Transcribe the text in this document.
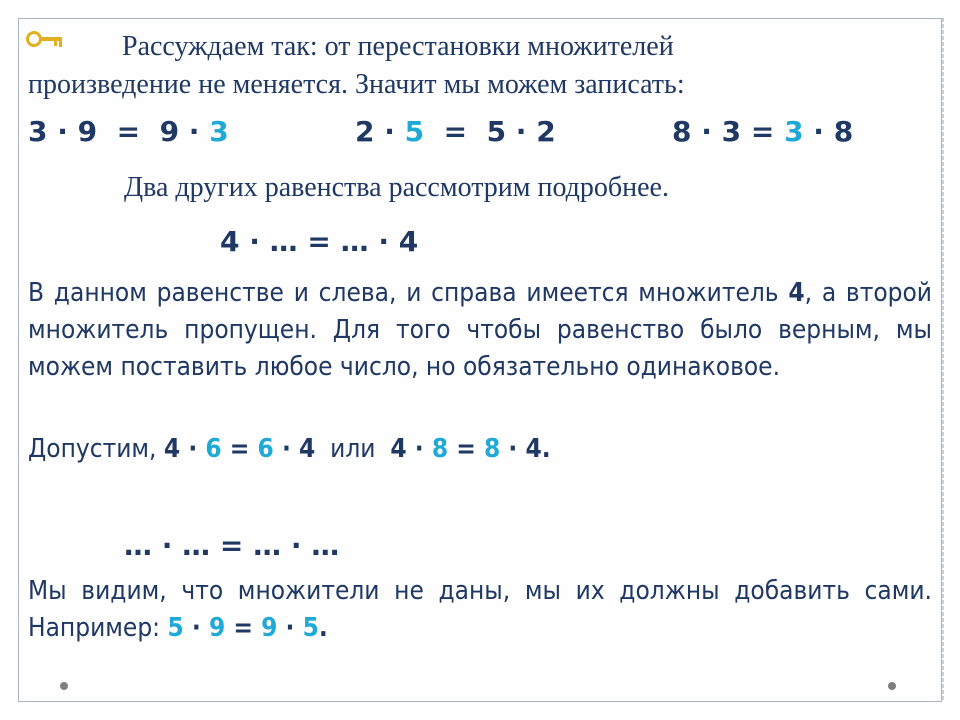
Рассуждаем так: от перестановки множителей
произведение не меняется. Значит мы можем записать:
3 · 9  =  9 · 3	2 · 5  =  5 · 2	8 · 3 = 3 · 8
Два других равенства рассмотрим подробнее.
4 · … = … · 4
В данном равенстве и слева, и справа имеется множитель 4, а второй множитель пропущен. Для того чтобы равенство было верным, мы можем поставить любое число, но обязательно одинаковое.
Допустим, 4 · 6 = 6 · 4 или 4 · 8 = 8 · 4.
… · … = … · …
Мы видим, что множители не даны, мы их должны добавить сами. Например: 5 · 9 = 9 · 5.
